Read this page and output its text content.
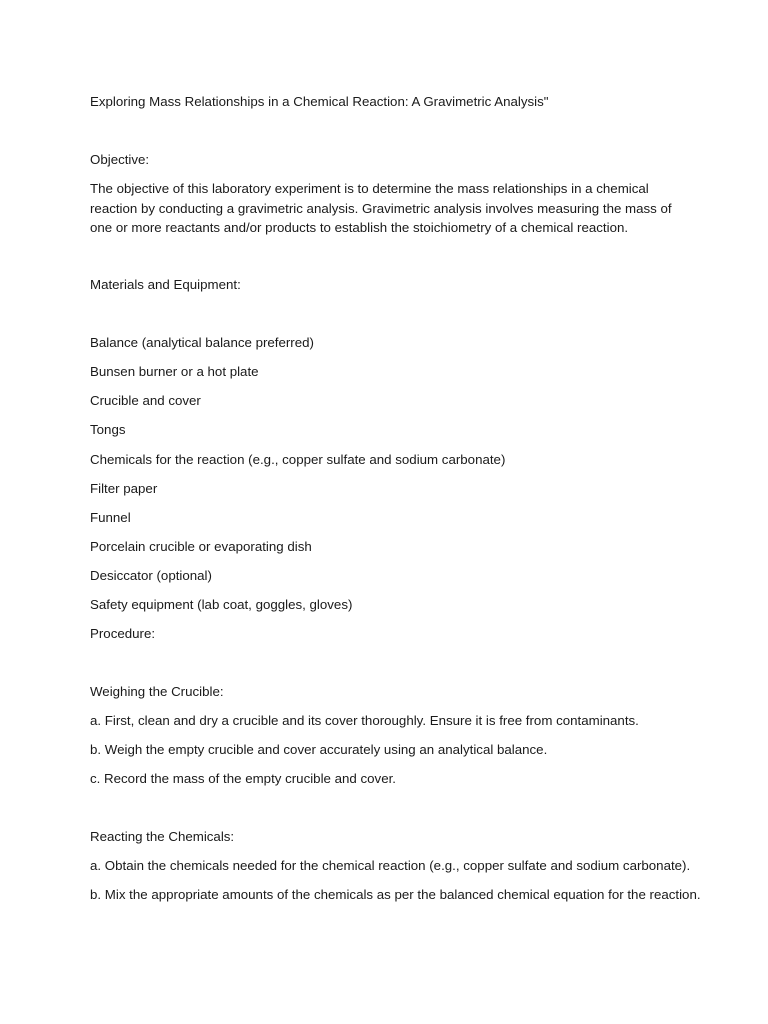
Exploring Mass Relationships in a Chemical Reaction: A Gravimetric Analysis"
Objective:
The objective of this laboratory experiment is to determine the mass relationships in a chemical reaction by conducting a gravimetric analysis. Gravimetric analysis involves measuring the mass of one or more reactants and/or products to establish the stoichiometry of a chemical reaction.
Materials and Equipment:
Balance (analytical balance preferred)
Bunsen burner or a hot plate
Crucible and cover
Tongs
Chemicals for the reaction (e.g., copper sulfate and sodium carbonate)
Filter paper
Funnel
Porcelain crucible or evaporating dish
Desiccator (optional)
Safety equipment (lab coat, goggles, gloves)
Procedure:
Weighing the Crucible:
a. First, clean and dry a crucible and its cover thoroughly. Ensure it is free from contaminants.
b. Weigh the empty crucible and cover accurately using an analytical balance.
c. Record the mass of the empty crucible and cover.
Reacting the Chemicals:
a. Obtain the chemicals needed for the chemical reaction (e.g., copper sulfate and sodium carbonate).
b. Mix the appropriate amounts of the chemicals as per the balanced chemical equation for the reaction.
